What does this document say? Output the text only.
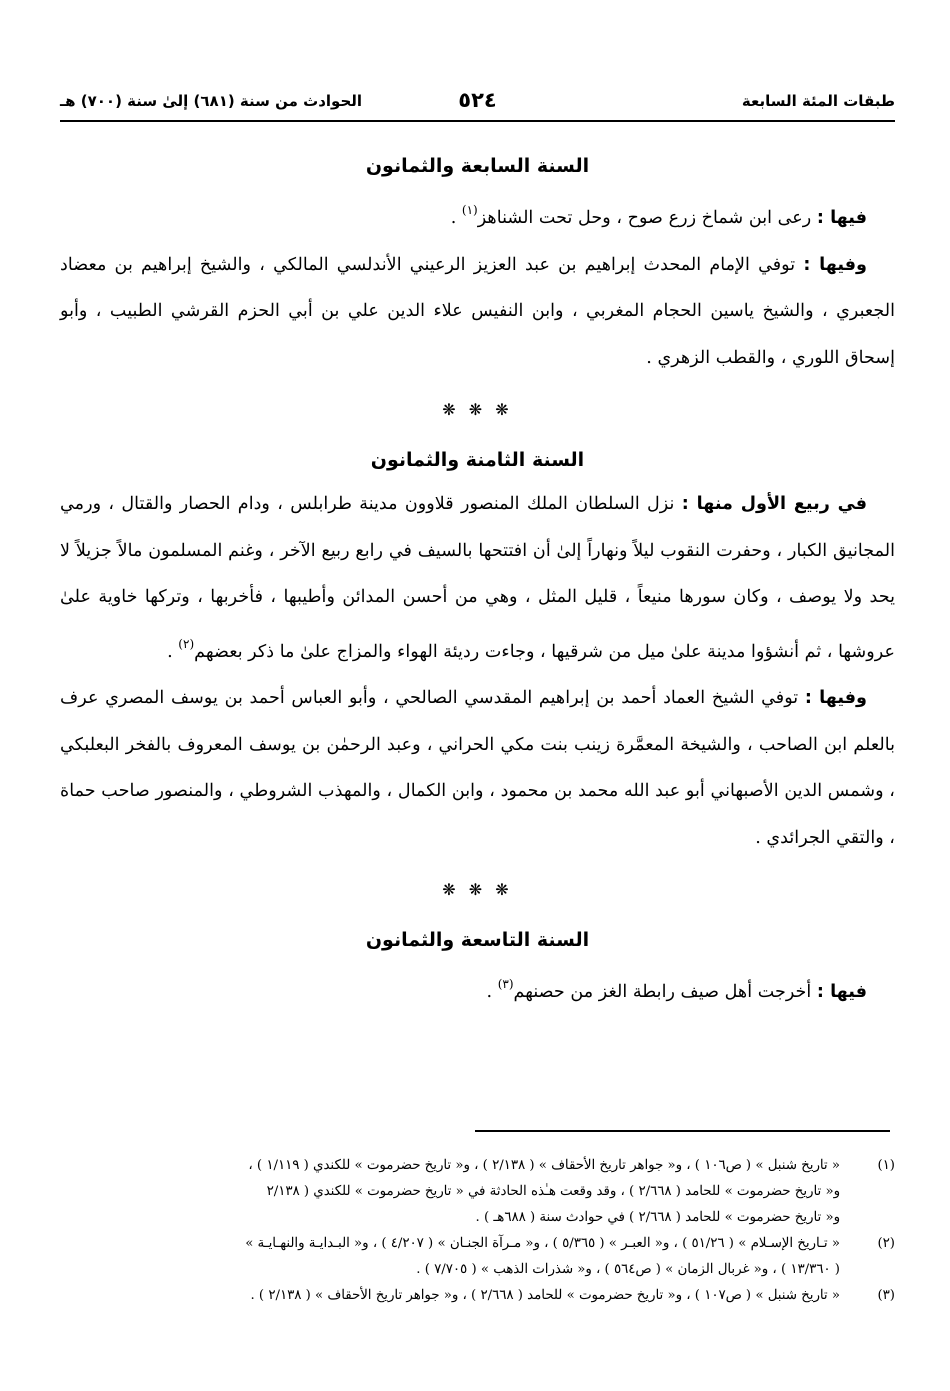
طبقات المئة السابعة
٥٢٤
الحوادث من سنة (٦٨١) إلىٰ سنة (٧٠٠) هـ
السنة السابعة والثمانون

فيها : رعى ابن شماخ زرع صوح ، وحل تحت الشناهز$^{(١)}$ .

وفيها : توفي الإمام المحدث إبراهيم بن عبد العزيز الرعيني الأندلسي المالكي ، والشيخ إبراهيم بن معضاد الجعبري ، والشيخ ياسين الحجام المغربي ، وابن النفيس علاء الدين علي بن أبي الحزم القرشي الطبيب ، وأبو إسحاق اللوري ، والقطب الزهري .

❋ ❋ ❋
السنة الثامنة والثمانون

في ربيع الأول منها : نزل السلطان الملك المنصور قلاوون مدينة طرابلس ، ودام الحصار والقتال ، ورمي المجانيق الكبار ، وحفرت النقوب ليلاً ونهاراً إلىٰ أن افتتحها بالسيف في رابع ربيع الآخر ، وغنم المسلمون مالاً جزيلاً لا يحد ولا يوصف ، وكان سورها منيعاً ، قليل المثل ، وهي من أحسن المدائن وأطيبها ، فأخربها ، وتركها خاوية علىٰ عروشها ، ثم أنشؤوا مدينة علىٰ ميل من شرقيها ، وجاءت رديئة الهواء والمزاج علىٰ ما ذكر بعضهم$^{(٢)}$ .

وفيها : توفي الشيخ العماد أحمد بن إبراهيم المقدسي الصالحي ، وأبو العباس أحمد بن يوسف المصري عرف بالعلم ابن الصاحب ، والشيخة المعمَّرة زينب بنت مكي الحراني ، وعبد الرحمٰن بن يوسف المعروف بالفخر البعلبكي ، وشمس الدين الأصبهاني أبو عبد الله محمد بن محمود ، وابن الكمال ، والمهذب الشروطي ، والمنصور صاحب حماة ، والتقي الجرائدي .

❋ ❋ ❋
السنة التاسعة والثمانون

فيها : أخرجت أهل صيف رابطة الغز من حصنهم$^{(٣)}$ .

(١)
« تاريخ شنبل » ( ص١٠٦ ) ، و« جواهر تاريخ الأحقاف » ( ٢/١٣٨ ) ، و« تاريخ حضرموت » للكندي ( ١/١١٩ ) ،
و« تاريخ حضرموت » للحامد ( ٢/٦٦٨ ) ، وقد وقعت هـٰذه الحادثة في « تاريخ حضرموت » للكندي ( ٢/١٣٨
و« تاريخ حضرموت » للحامد ( ٢/٦٦٨ ) في حوادث سنة ( ٦٨٨هـ ) .
(٢)
« تـاريخ الإسـلام » ( ٥١/٢٦ ) ، و« العبـر » ( ٥/٣٦٥ ) ، و« مـرآة الجنـان » ( ٤/٢٠٧ ) ، و« البـدايـة والنهـايـة »
( ١٣/٣٦٠ ) ، و« غربال الزمان » ( ص٥٦٤ ) ، و« شذرات الذهب » ( ٧/٧٠٥ ) .
(٣)
« تاريخ شنبل » ( ص١٠٧ ) ، و« تاريخ حضرموت » للحامد ( ٢/٦٦٨ ) ، و« جواهر تاريخ الأحقاف » ( ٢/١٣٨ ) .
